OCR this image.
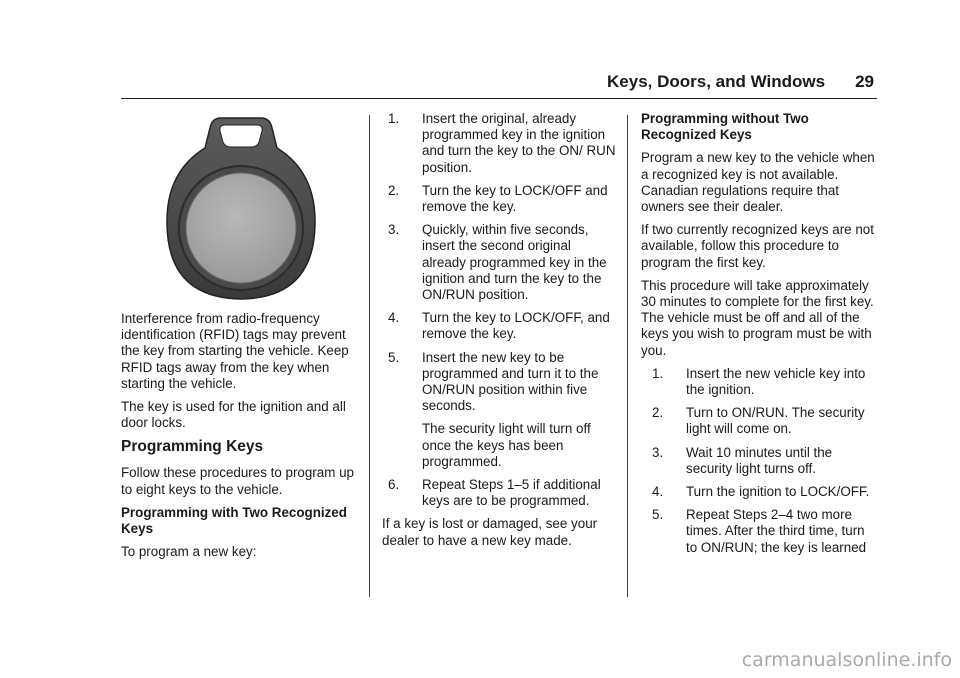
Keys, Doors, and Windows 29

Interference from radio-frequency identification (RFID) tags may prevent the key from starting the vehicle. Keep RFID tags away from the key when starting the vehicle.

The key is used for the ignition and all door locks.

Programming Keys

Follow these procedures to program up to eight keys to the vehicle.

Programming with Two Recognized Keys

To program a new key:

1.	Insert the original, already programmed key in the ignition and turn the key to the ON/ RUN position.
2.	Turn the key to LOCK/OFF and remove the key.
3.	Quickly, within five seconds, insert the second original already programmed key in the ignition and turn the key to the ON/RUN position.
4.	Turn the key to LOCK/OFF, and remove the key.
5.	Insert the new key to be programmed and turn it to the ON/RUN position within five seconds.
The security light will turn off once the keys has been programmed.
6.	Repeat Steps 1–5 if additional keys are to be programmed.

If a key is lost or damaged, see your dealer to have a new key made.

Programming without Two Recognized Keys

Program a new key to the vehicle when a recognized key is not available. Canadian regulations require that owners see their dealer.

If two currently recognized keys are not available, follow this procedure to program the first key.

This procedure will take approximately 30 minutes to complete for the first key. The vehicle must be off and all of the keys you wish to program must be with you.

1.	Insert the new vehicle key into the ignition.
2.	Turn to ON/RUN. The security light will come on.
3.	Wait 10 minutes until the security light turns off.
4.	Turn the ignition to LOCK/OFF.
5.	Repeat Steps 2–4 two more times. After the third time, turn to ON/RUN; the key is learned
carmanualsonline.info
